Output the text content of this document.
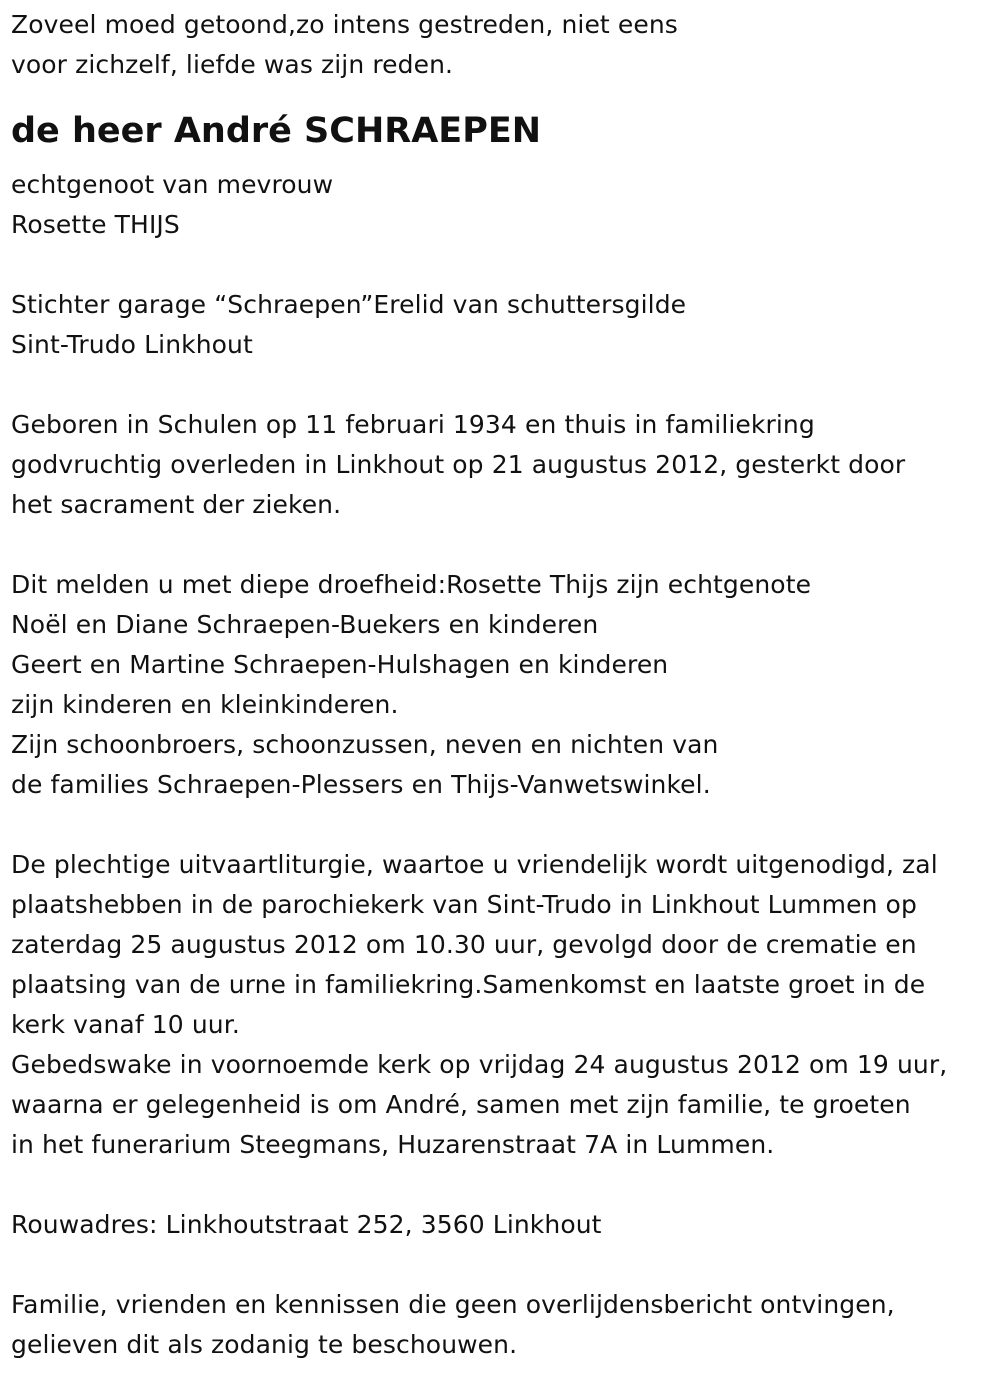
Zoveel moed getoond,zo intens gestreden, niet eens
voor zichzelf, liefde was zijn reden.
de heer André SCHRAEPEN
echtgenoot van mevrouw
Rosette THIJS
Stichter garage “Schraepen”Erelid van schuttersgilde
Sint-Trudo Linkhout
Geboren in Schulen op 11 februari 1934 en thuis in familiekring
godvruchtig overleden in Linkhout op 21 augustus 2012, gesterkt door
het sacrament der zieken.
Dit melden u met diepe droefheid:Rosette Thijs zijn echtgenote
Noël en Diane Schraepen-Buekers en kinderen
Geert en Martine Schraepen-Hulshagen en kinderen
zijn kinderen en kleinkinderen.
Zijn schoonbroers, schoonzussen, neven en nichten van
de families Schraepen-Plessers en Thijs-Vanwetswinkel.
De plechtige uitvaartliturgie, waartoe u vriendelijk wordt uitgenodigd, zal
plaatshebben in de parochiekerk van Sint-Trudo in Linkhout Lummen op
zaterdag 25 augustus 2012 om 10.30 uur, gevolgd door de crematie en
plaatsing van de urne in familiekring.Samenkomst en laatste groet in de
kerk vanaf 10 uur.
Gebedswake in voornoemde kerk op vrijdag 24 augustus 2012 om 19 uur,
waarna er gelegenheid is om André, samen met zijn familie, te groeten
in het funerarium Steegmans, Huzarenstraat 7A in Lummen.
Rouwadres: Linkhoutstraat 252, 3560 Linkhout
Familie, vrienden en kennissen die geen overlijdensbericht ontvingen,
gelieven dit als zodanig te beschouwen.
